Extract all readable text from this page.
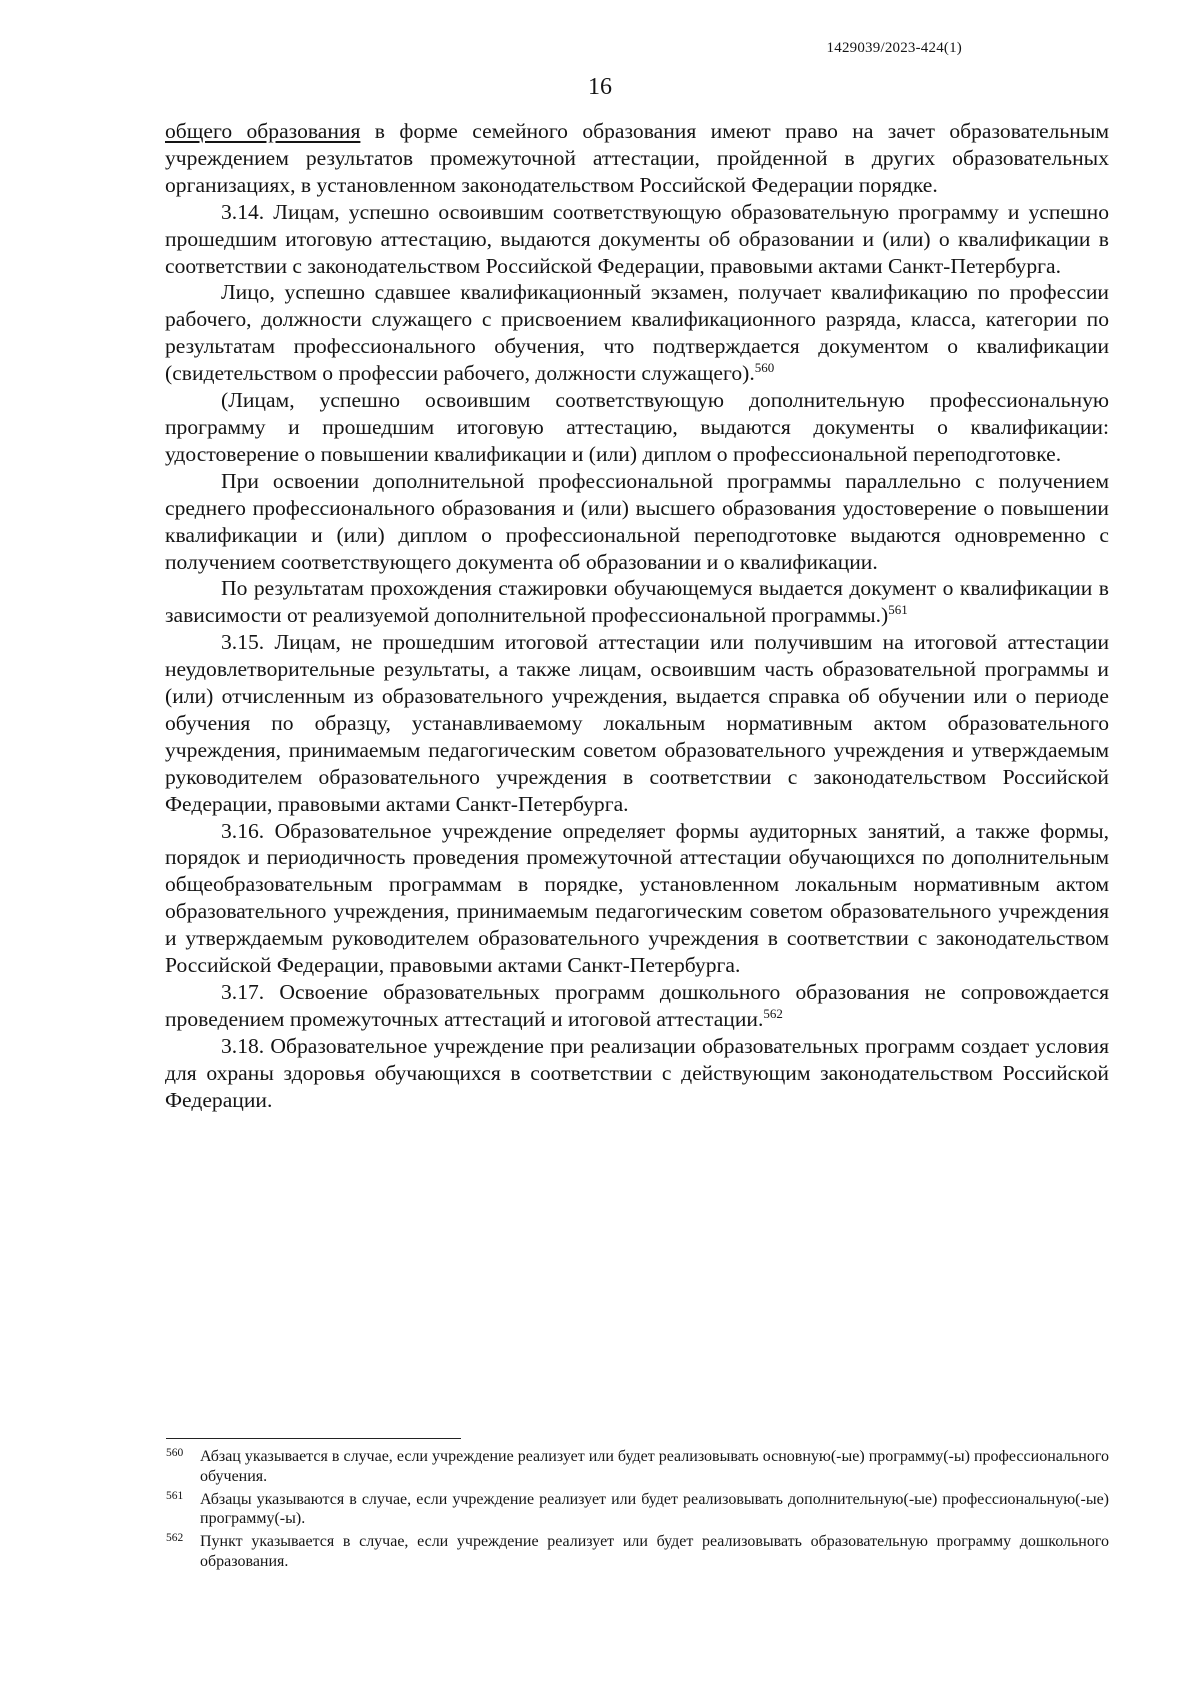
1429039/2023-424(1)
16

общего образования в форме семейного образования имеют право на зачет образовательным учреждением результатов промежуточной аттестации, пройденной в других образовательных организациях, в установленном законодательством Российской Федерации порядке.

3.14. Лицам, успешно освоившим соответствующую образовательную программу и успешно прошедшим итоговую аттестацию, выдаются документы об образовании и (или) о квалификации в соответствии с законодательством Российской Федерации, правовыми актами Санкт-Петербурга.

Лицо, успешно сдавшее квалификационный экзамен, получает квалификацию по профессии рабочего, должности служащего с присвоением квалификационного разряда, класса, категории по результатам профессионального обучения, что подтверждается документом о квалификации (свидетельством о профессии рабочего, должности служащего).$^{560}$

(Лицам, успешно освоившим соответствующую дополнительную профессиональную программу и прошедшим итоговую аттестацию, выдаются документы о квалификации: удостоверение о повышении квалификации и (или) диплом о профессиональной переподготовке.

При освоении дополнительной профессиональной программы параллельно с получением среднего профессионального образования и (или) высшего образования удостоверение о повышении квалификации и (или) диплом о профессиональной переподготовке выдаются одновременно с получением соответствующего документа об образовании и о квалификации.

По результатам прохождения стажировки обучающемуся выдается документ о квалификации в зависимости от реализуемой дополнительной профессиональной программы.)$^{561}$

3.15. Лицам, не прошедшим итоговой аттестации или получившим на итоговой аттестации неудовлетворительные результаты, а также лицам, освоившим часть образовательной программы и (или) отчисленным из образовательного учреждения, выдается справка об обучении или о периоде обучения по образцу, устанавливаемому локальным нормативным актом образовательного учреждения, принимаемым педагогическим советом образовательного учреждения и утверждаемым руководителем образовательного учреждения в соответствии с законодательством Российской Федерации, правовыми актами Санкт-Петербурга.

3.16. Образовательное учреждение определяет формы аудиторных занятий, а также формы, порядок и периодичность проведения промежуточной аттестации обучающихся по дополнительным общеобразовательным программам в порядке, установленном локальным нормативным актом образовательного учреждения, принимаемым педагогическим советом образовательного учреждения и утверждаемым руководителем образовательного учреждения в соответствии с законодательством Российской Федерации, правовыми актами Санкт-Петербурга.

3.17. Освоение образовательных программ дошкольного образования не сопровождается проведением промежуточных аттестаций и итоговой аттестации.$^{562}$

3.18. Образовательное учреждение при реализации образовательных программ создает условия для охраны здоровья обучающихся в соответствии с действующим законодательством Российской Федерации.

560 Абзац указывается в случае, если учреждение реализует или будет реализовывать основную(-ые) программу(-ы) профессионального обучения.
561 Абзацы указываются в случае, если учреждение реализует или будет реализовывать дополнительную(-ые) профессиональную(-ые) программу(-ы).
562 Пункт указывается в случае, если учреждение реализует или будет реализовывать образовательную программу дошкольного образования.
